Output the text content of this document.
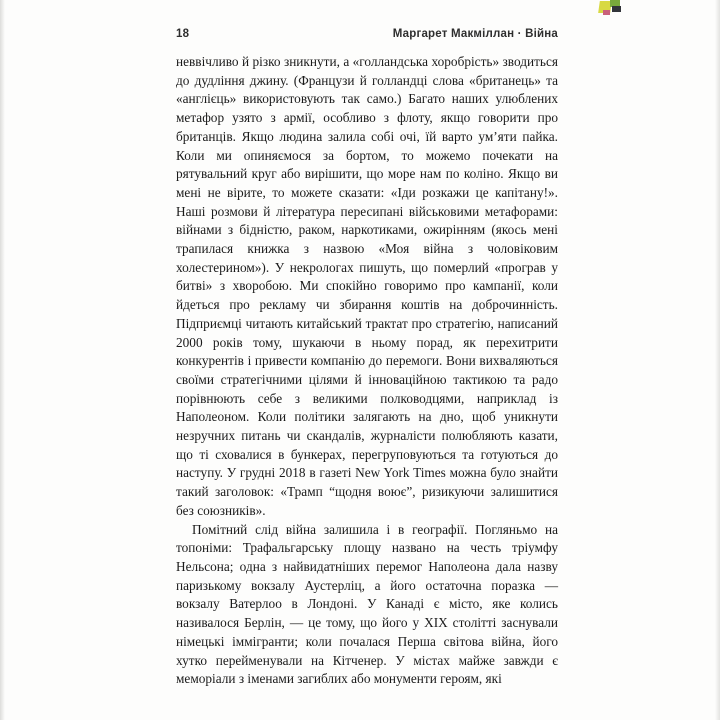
18	Маргарет Макміллан · Війна

неввічливо й різко зникнути, а «голландська хоробрість» зводиться до дудління джину. (Французи й голландці слова «британець» та «англієць» використовують так само.) Багато наших улюблених метафор узято з армії, особливо з флоту, якщо говорити про британців. Якщо людина залила собі очі, їй варто ум’яти пайка. Коли ми опиняємося за бортом, то можемо почекати на рятувальний круг або вирішити, що море нам по коліно. Якщо ви мені не вірите, то можете сказати: «Іди розкажи це капітану!». Наші розмови й література пересипані військовими метафорами: війнами з бідністю, раком, наркотиками, ожирінням (якось мені трапилася книжка з назвою «Моя війна з чоловіковим холестерином»). У некрологах пишуть, що померлий «програв у битві» з хворобою. Ми спокійно говоримо про кампанії, коли йдеться про рекламу чи збирання коштів на доброчинність. Підприємці читають китайський трактат про стратегію, написаний 2000 років тому, шукаючи в ньому порад, як перехитрити конкурентів і привести компанію до перемоги. Вони вихваляються своїми стратегічними цілями й інноваційною тактикою та радо порівнюють себе з великими полководцями, наприклад із Наполеоном. Коли політики залягають на дно, щоб уникнути незручних питань чи скандалів, журналісти полюбляють казати, що ті сховалися в бункерах, перегруповуються та готуються до наступу. У грудні 2018 в газеті New York Times можна було знайти такий заголовок: «Трамп “щодня воює”, ризикуючи залишитися без союзників».

Помітний слід війна залишила і в географії. Погляньмо на топоніми: Трафальгарську площу названо на честь тріумфу Нельсона; одна з найвидатніших перемог Наполеона дала назву паризькому вокзалу Аустерліц, а його остаточна поразка — вокзалу Ватерлоо в Лондоні. У Канаді є місто, яке колись називалося Берлін, — це тому, що його у XIX столітті заснували німецькі іммігранти; коли почалася Перша світова війна, його хутко перейменували на Кітченер. У містах майже завжди є меморіали з іменами загиблих або монументи героям, які
